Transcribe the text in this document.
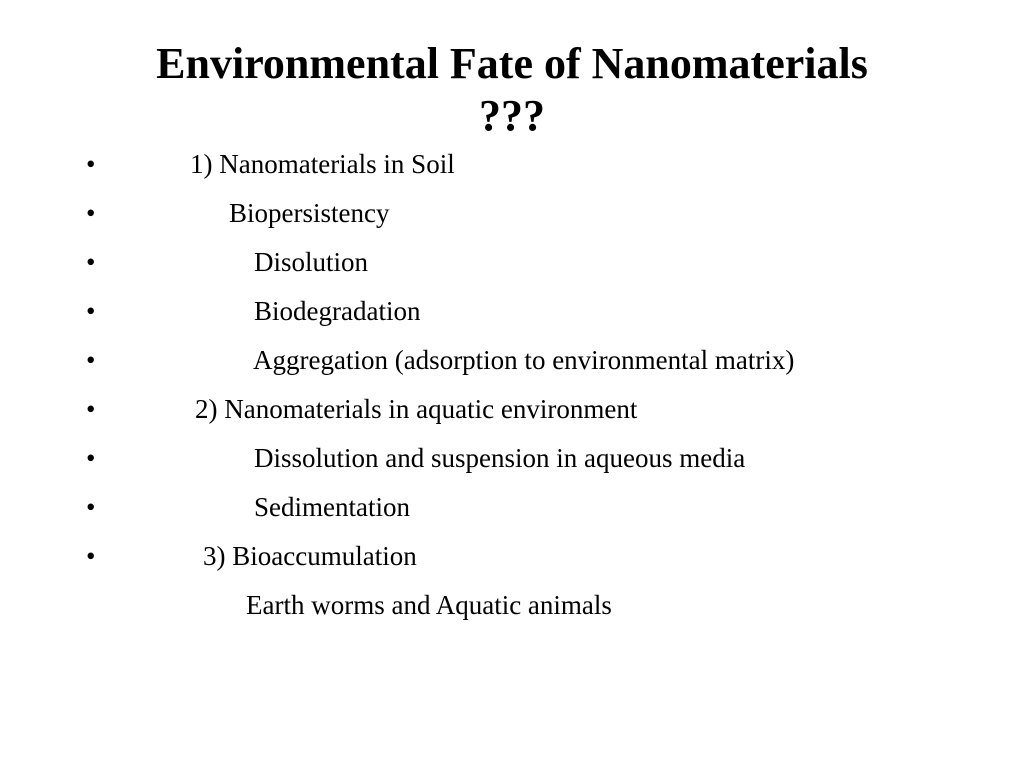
Environmental Fate of Nanomaterials
???
•	1) Nanomaterials in Soil
•	Biopersistency
•	Disolution
•	Biodegradation
•	Aggregation (adsorption to environmental matrix)
•	2) Nanomaterials in aquatic environment
•	Dissolution and suspension in aqueous media
•	Sedimentation
•	3) Bioaccumulation
Earth worms and Aquatic animals
